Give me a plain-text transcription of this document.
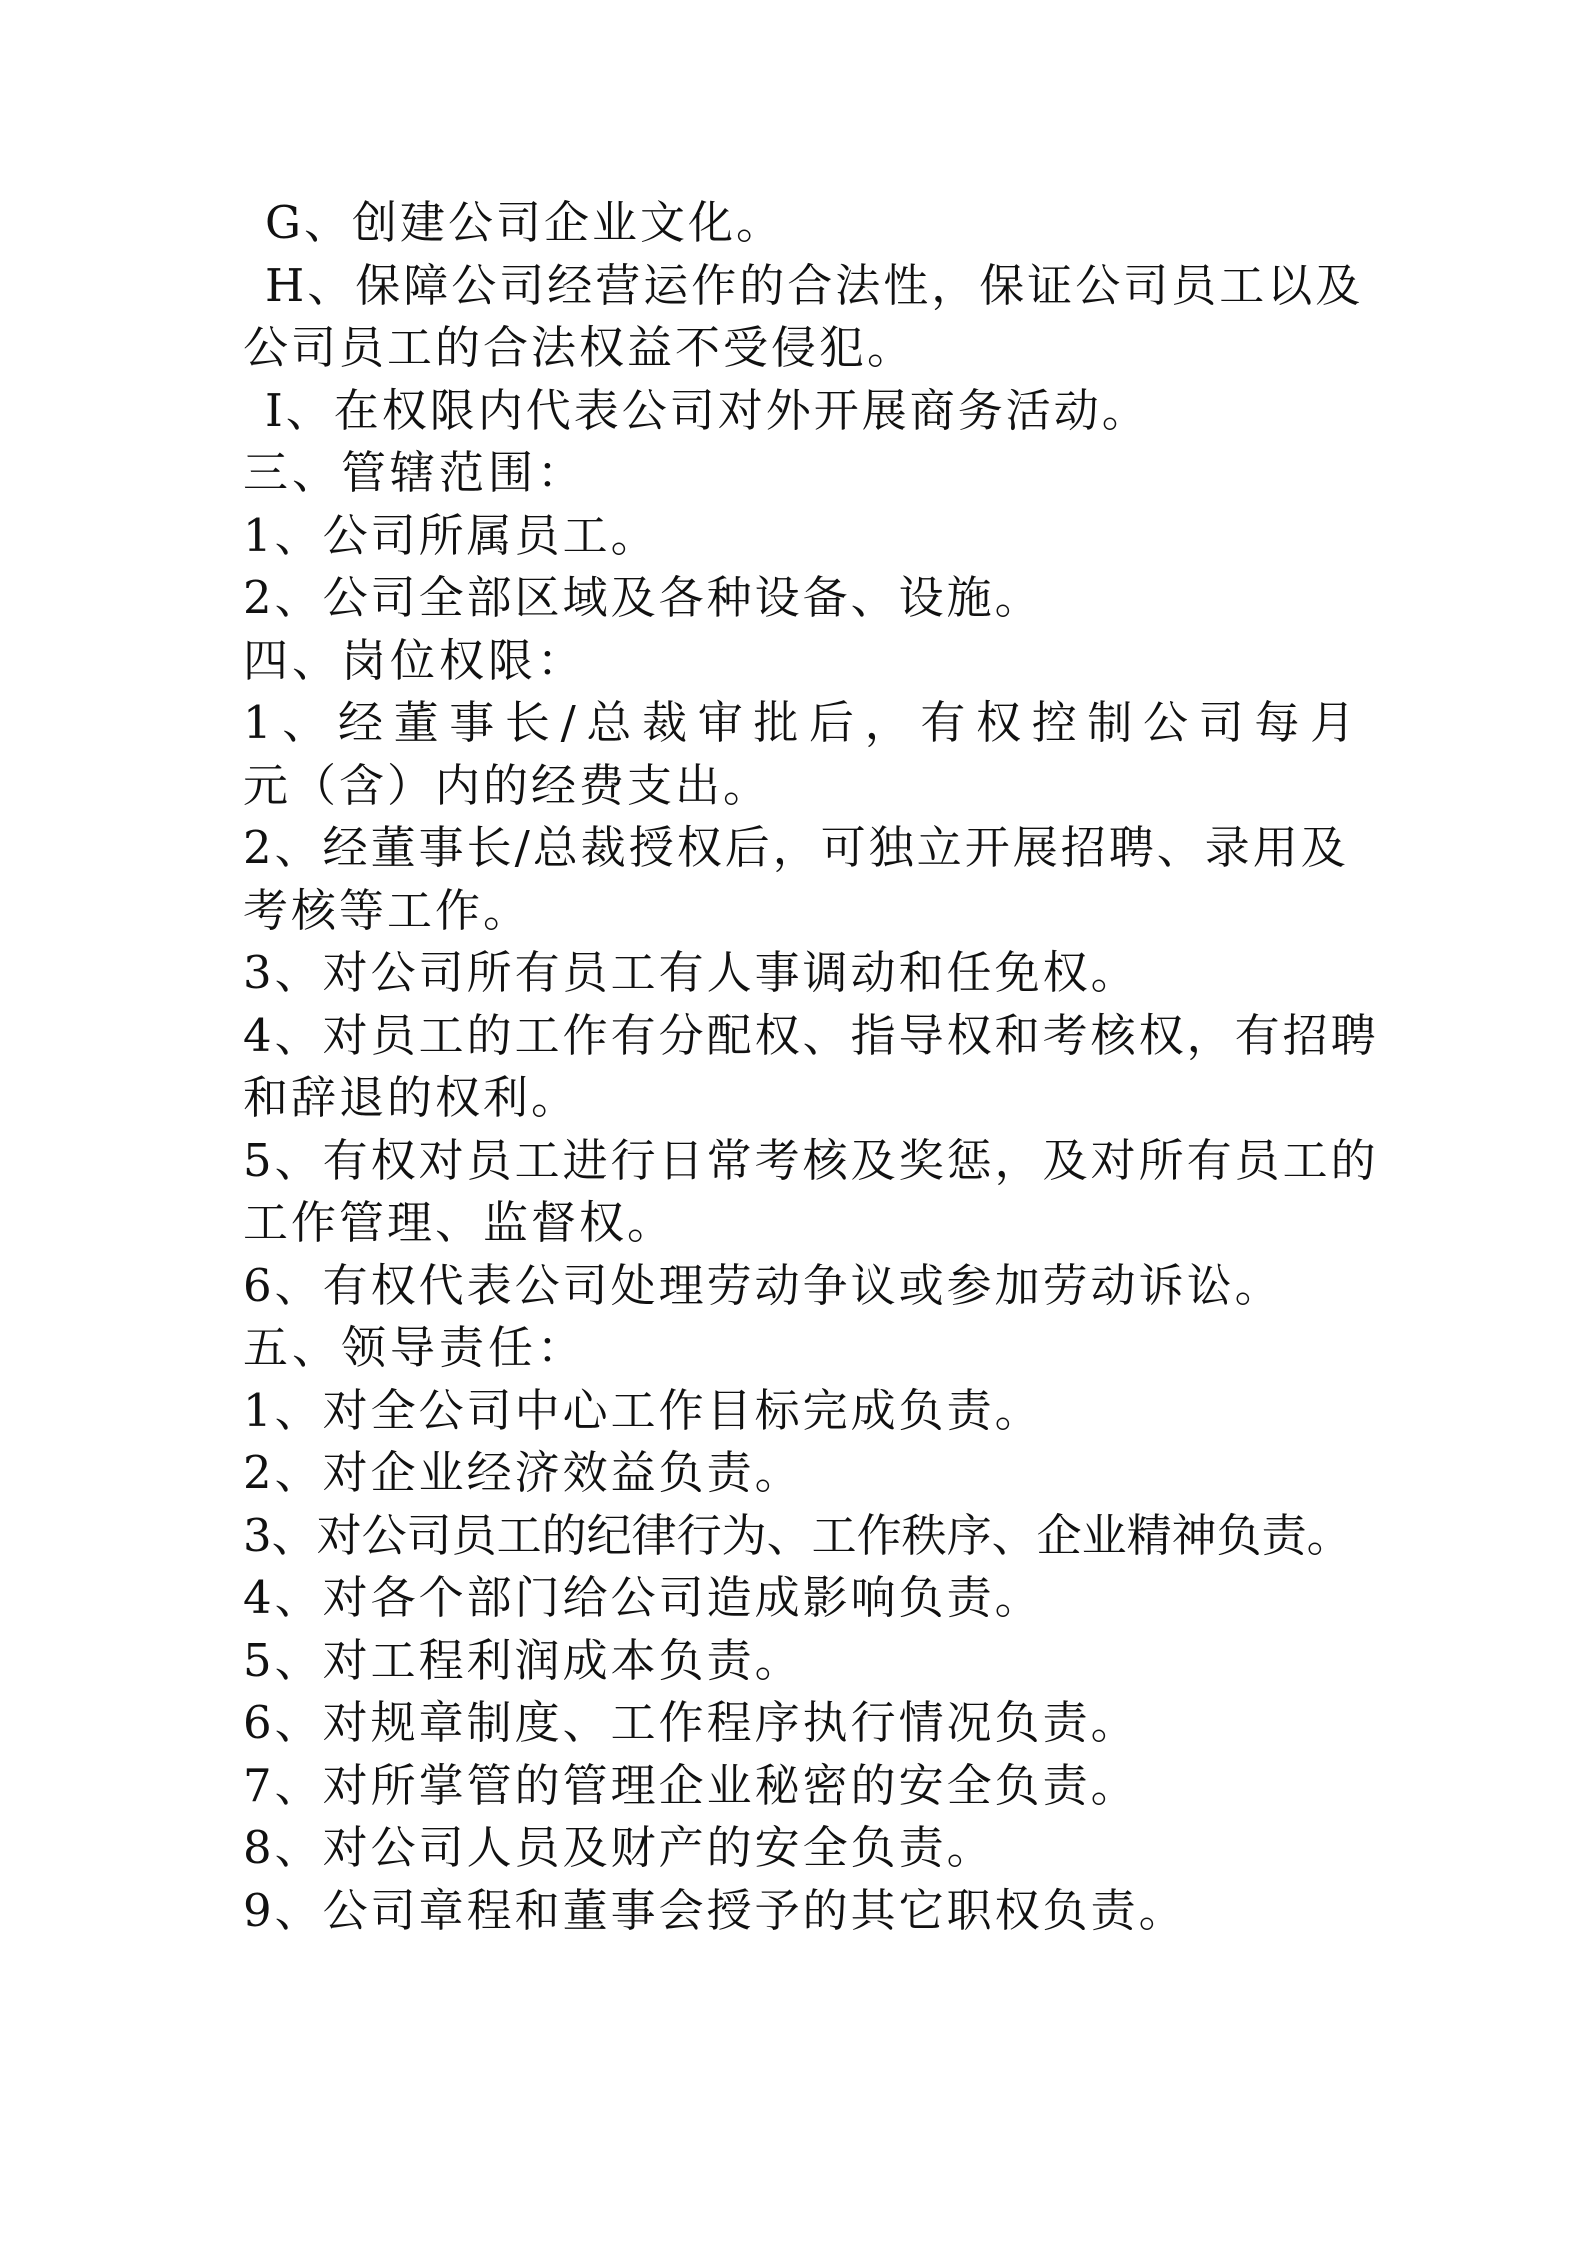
G、创建公司企业文化。
H、保障公司经营运作的合法性，保证公司员工以及
公司员工的合法权益不受侵犯。
I、在权限内代表公司对外开展商务活动。
三、管辖范围：
1、公司所属员工。
2、公司全部区域及各种设备、设施。
四、岗位权限：
1、经董事长/总裁审批后，有权控制公司每月
元（含）内的经费支出。
2、经董事长/总裁授权后，可独立开展招聘、录用及
考核等工作。
3、对公司所有员工有人事调动和任免权。
4、对员工的工作有分配权、指导权和考核权，有招聘
和辞退的权利。
5、有权对员工进行日常考核及奖惩，及对所有员工的
工作管理、监督权。
6、有权代表公司处理劳动争议或参加劳动诉讼。
五、领导责任：
1、对全公司中心工作目标完成负责。
2、对企业经济效益负责。
3、对公司员工的纪律行为、工作秩序、企业精神负责。
4、对各个部门给公司造成影响负责。
5、对工程利润成本负责。
6、对规章制度、工作程序执行情况负责。
7、对所掌管的管理企业秘密的安全负责。
8、对公司人员及财产的安全负责。
9、公司章程和董事会授予的其它职权负责。
